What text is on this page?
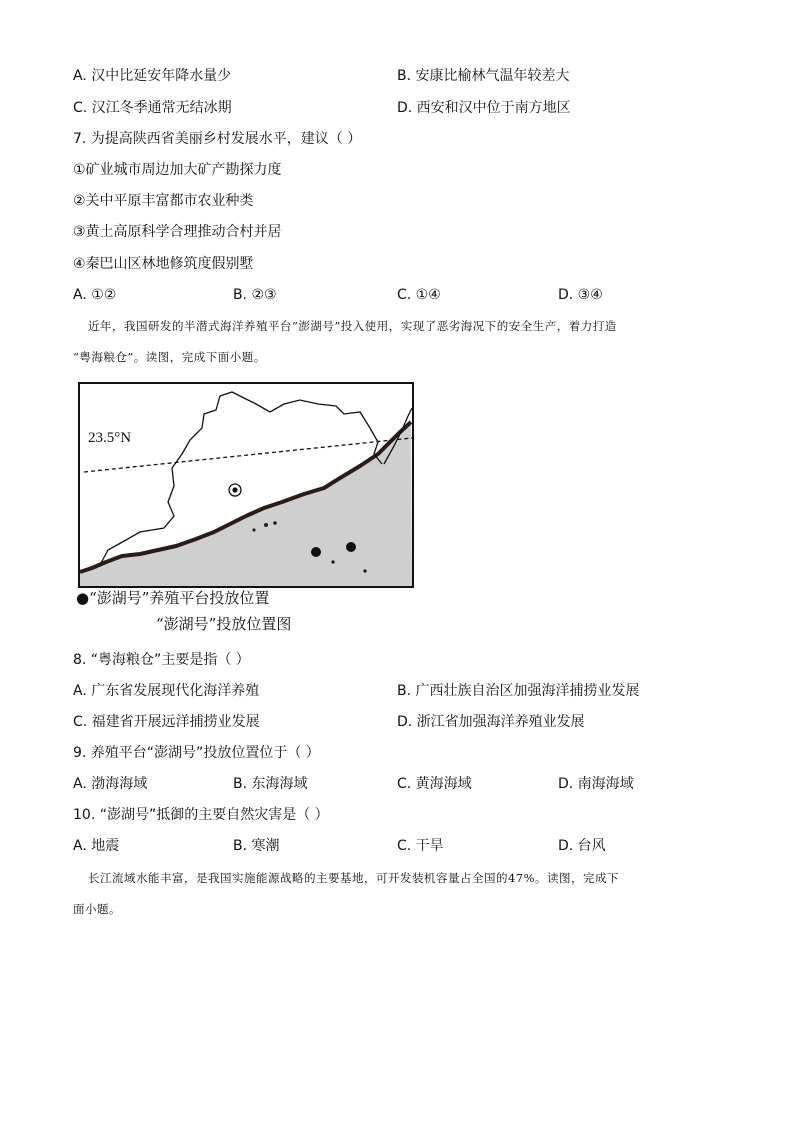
A. 汉中比延安年降水量少	B. 安康比榆林气温年较差大
C. 汉江冬季通常无结冰期	D. 西安和汉中位于南方地区
7. 为提高陕西省美丽乡村发展水平，建议（ ）
①矿业城市周边加大矿产勘探力度
②关中平原丰富都市农业种类
③黄土高原科学合理推动合村并居
④秦巴山区林地修筑度假别墅
A. ①②	B. ②③	C. ①④	D. ③④
近年，我国研发的半潜式海洋养殖平台“澎湖号”投入使用，实现了恶劣海况下的安全生产，着力打造
“粤海粮仓”。读图，完成下面小题。
23.5°N
●“澎湖号”养殖平台投放位置
“澎湖号”投放位置图
8. “粤海粮仓”主要是指（ ）
A. 广东省发展现代化海洋养殖	B. 广西壮族自治区加强海洋捕捞业发展
C. 福建省开展远洋捕捞业发展	D. 浙江省加强海洋养殖业发展
9. 养殖平台“澎湖号”投放位置位于（ ）
A. 渤海海域	B. 东海海域	C. 黄海海域	D. 南海海域
10. “澎湖号”抵御的主要自然灾害是（ ）
A. 地震	B. 寒潮	C. 干旱	D. 台风
长江流域水能丰富，是我国实施能源战略的主要基地，可开发装机容量占全国的47%。读图，完成下
面小题。
